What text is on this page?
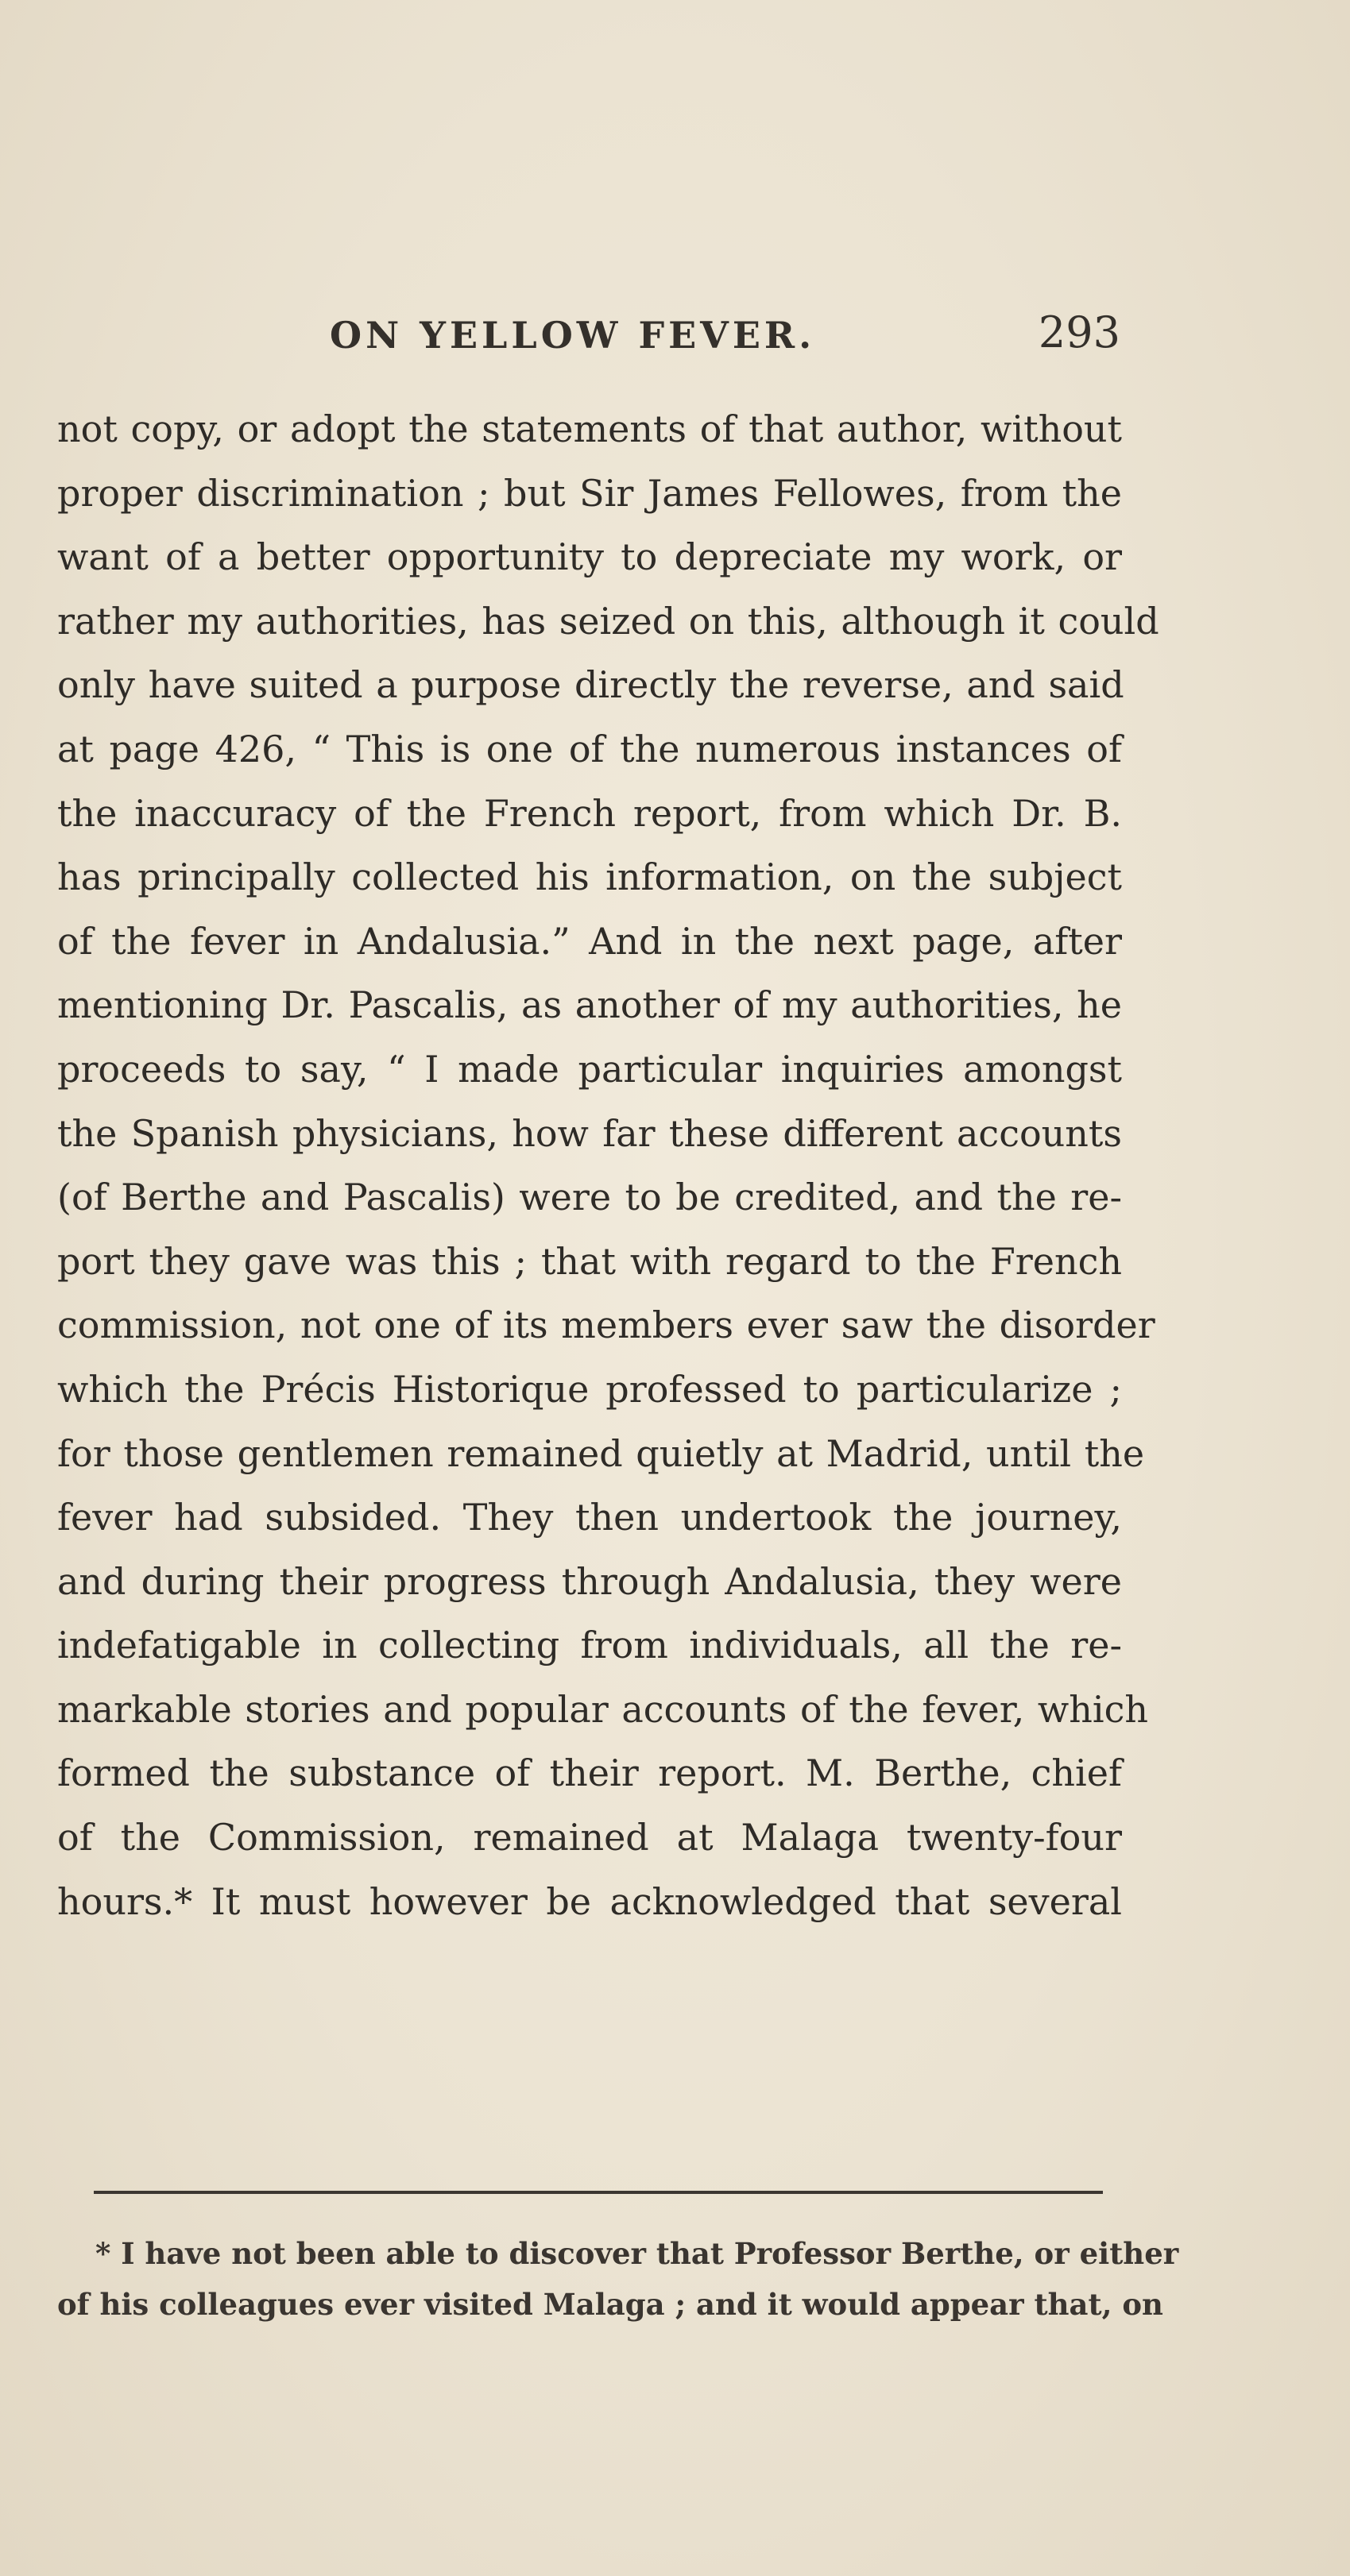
ON YELLOW FEVER.	293
not copy, or adopt the statements of that author, without
proper discrimination ; but Sir James Fellowes, from the
want of a better opportunity to depreciate my work, or
rather my authorities, has seized on this, although it could
only have suited a purpose directly the reverse, and said
at page 426, “ This is one of the numerous instances of
the inaccuracy of the French report, from which Dr. B.
has principally collected his information, on the subject
of the fever in Andalusia.” And in the next page, after
mentioning Dr. Pascalis, as another of my authorities, he
proceeds to say, “ I made particular inquiries amongst
the Spanish physicians, how far these different accounts
(of Berthe and Pascalis) were to be credited, and the re-
port they gave was this ; that with regard to the French
commission, not one of its members ever saw the disorder
which the Précis Historique professed to particularize ;
for those gentlemen remained quietly at Madrid, until the
fever had subsided. They then undertook the journey,
and during their progress through Andalusia, they were
indefatigable in collecting from individuals, all the re-
markable stories and popular accounts of the fever, which
formed the substance of their report. M. Berthe, chief
of the Commission, remained at Malaga twenty-four
hours.* It must however be acknowledged that several
* I have not been able to discover that Professor Berthe, or either
of his colleagues ever visited Malaga ; and it would appear that, on
